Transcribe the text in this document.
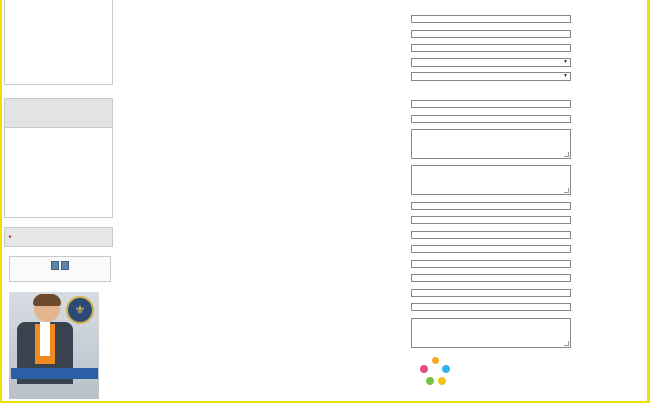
►

⚜
▼
▼
